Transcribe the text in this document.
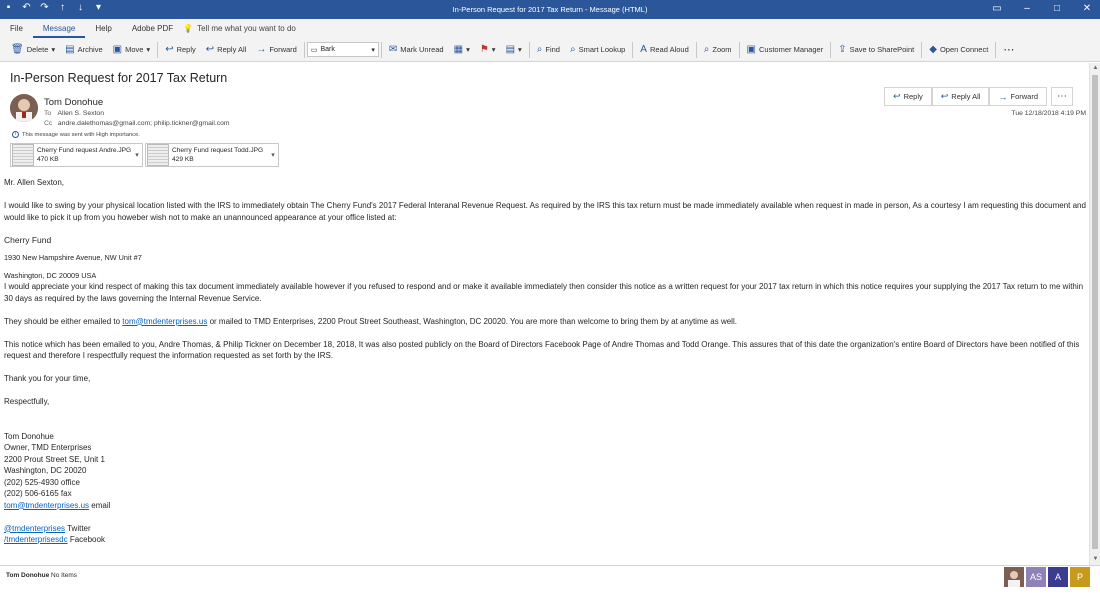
▪ ↶ ↷ ↑ ↓ ▾	In-Person Request for 2017 Tax Return - Message (HTML)	▭	–	□	✕
File	Message	Help	Adobe PDF	💡 Tell me what you want to do
🗑 Delete ▾ ▤ Archive ▣ Move ▾ ↩ Reply ↩ Reply All → Forward ▭ Bark	▾ ✉ Mark Unread ▦ ▾ ⚑ ▾ ▤ ▾ ⌕ Find ⌕ Smart Lookup A Read Aloud ⌕ Zoom ▣ Customer Manager ⇪ Save to SharePoint ◆ Open Connect ⋯
In-Person Request for 2017 Tax Return
Tom Donohue
To Allen S. Sexton
Cc andre.dalethomas@gmail.com; philip.tickner@gmail.com
i	This message was sent with High importance.
Cherry Fund request Andre.JPG
470 KB
▾
Cherry Fund request Todd.JPG
429 KB
▾
↩ Reply ↩ Reply All → Forward ⋯
Tue 12/18/2018 4:19 PM

Mr. Allen Sexton,

I would like to swing by your physical location listed with the IRS to immediately obtain The Cherry Fund's 2017 Federal Interanal Revenue Request. As required by the IRS this tax return must be made immediately available when request in made in person, As a courtesy I am requesting this document and would like to pick it up from you howeber wish not to make an unannounced appearance at your office listed at:

Cherry Fund
1930 New Hampshire Avenue, NW Unit #7
Washington, DC 20009 USA

I would appreciate your kind respect of making this tax document immediately available however if you refused to respond and or make it available immediately then consider this notice as a written request for your 2017 tax return in which this notice requires your supplying the 2017 Tax return to me within 30 days as required by the laws governing the Internal Revenue Service.

They should be either emailed to tom@tmdenterprises.us or mailed to TMD Enterprises, 2200 Prout Street Southeast, Washington, DC 20020. You are more than welcome to bring them by at anytime as well.

This notice which has been emailed to you, Andre Thomas, & Philip Tickner on December 18, 2018, It was also posted publicly on the Board of Directors Facebook Page of Andre Thomas and Todd Orange. This assures that of this date the organization's entire Board of Directors have been notified of this request and therefore I respectfully request the information requested as set forth by the IRS.

Thank you for your time,

Respectfully,

Tom Donohue
Owner, TMD Enterprises
2200 Prout Street SE, Unit 1
Washington, DC 20020
(202) 525-4930 office
(202) 506-6165 fax
tom@tmdenterprises.us email
@tmdenterprises Twitter
/tmdenterprisesdc Facebook
▲
▼
Tom Donohue No Items	AS	A	P
